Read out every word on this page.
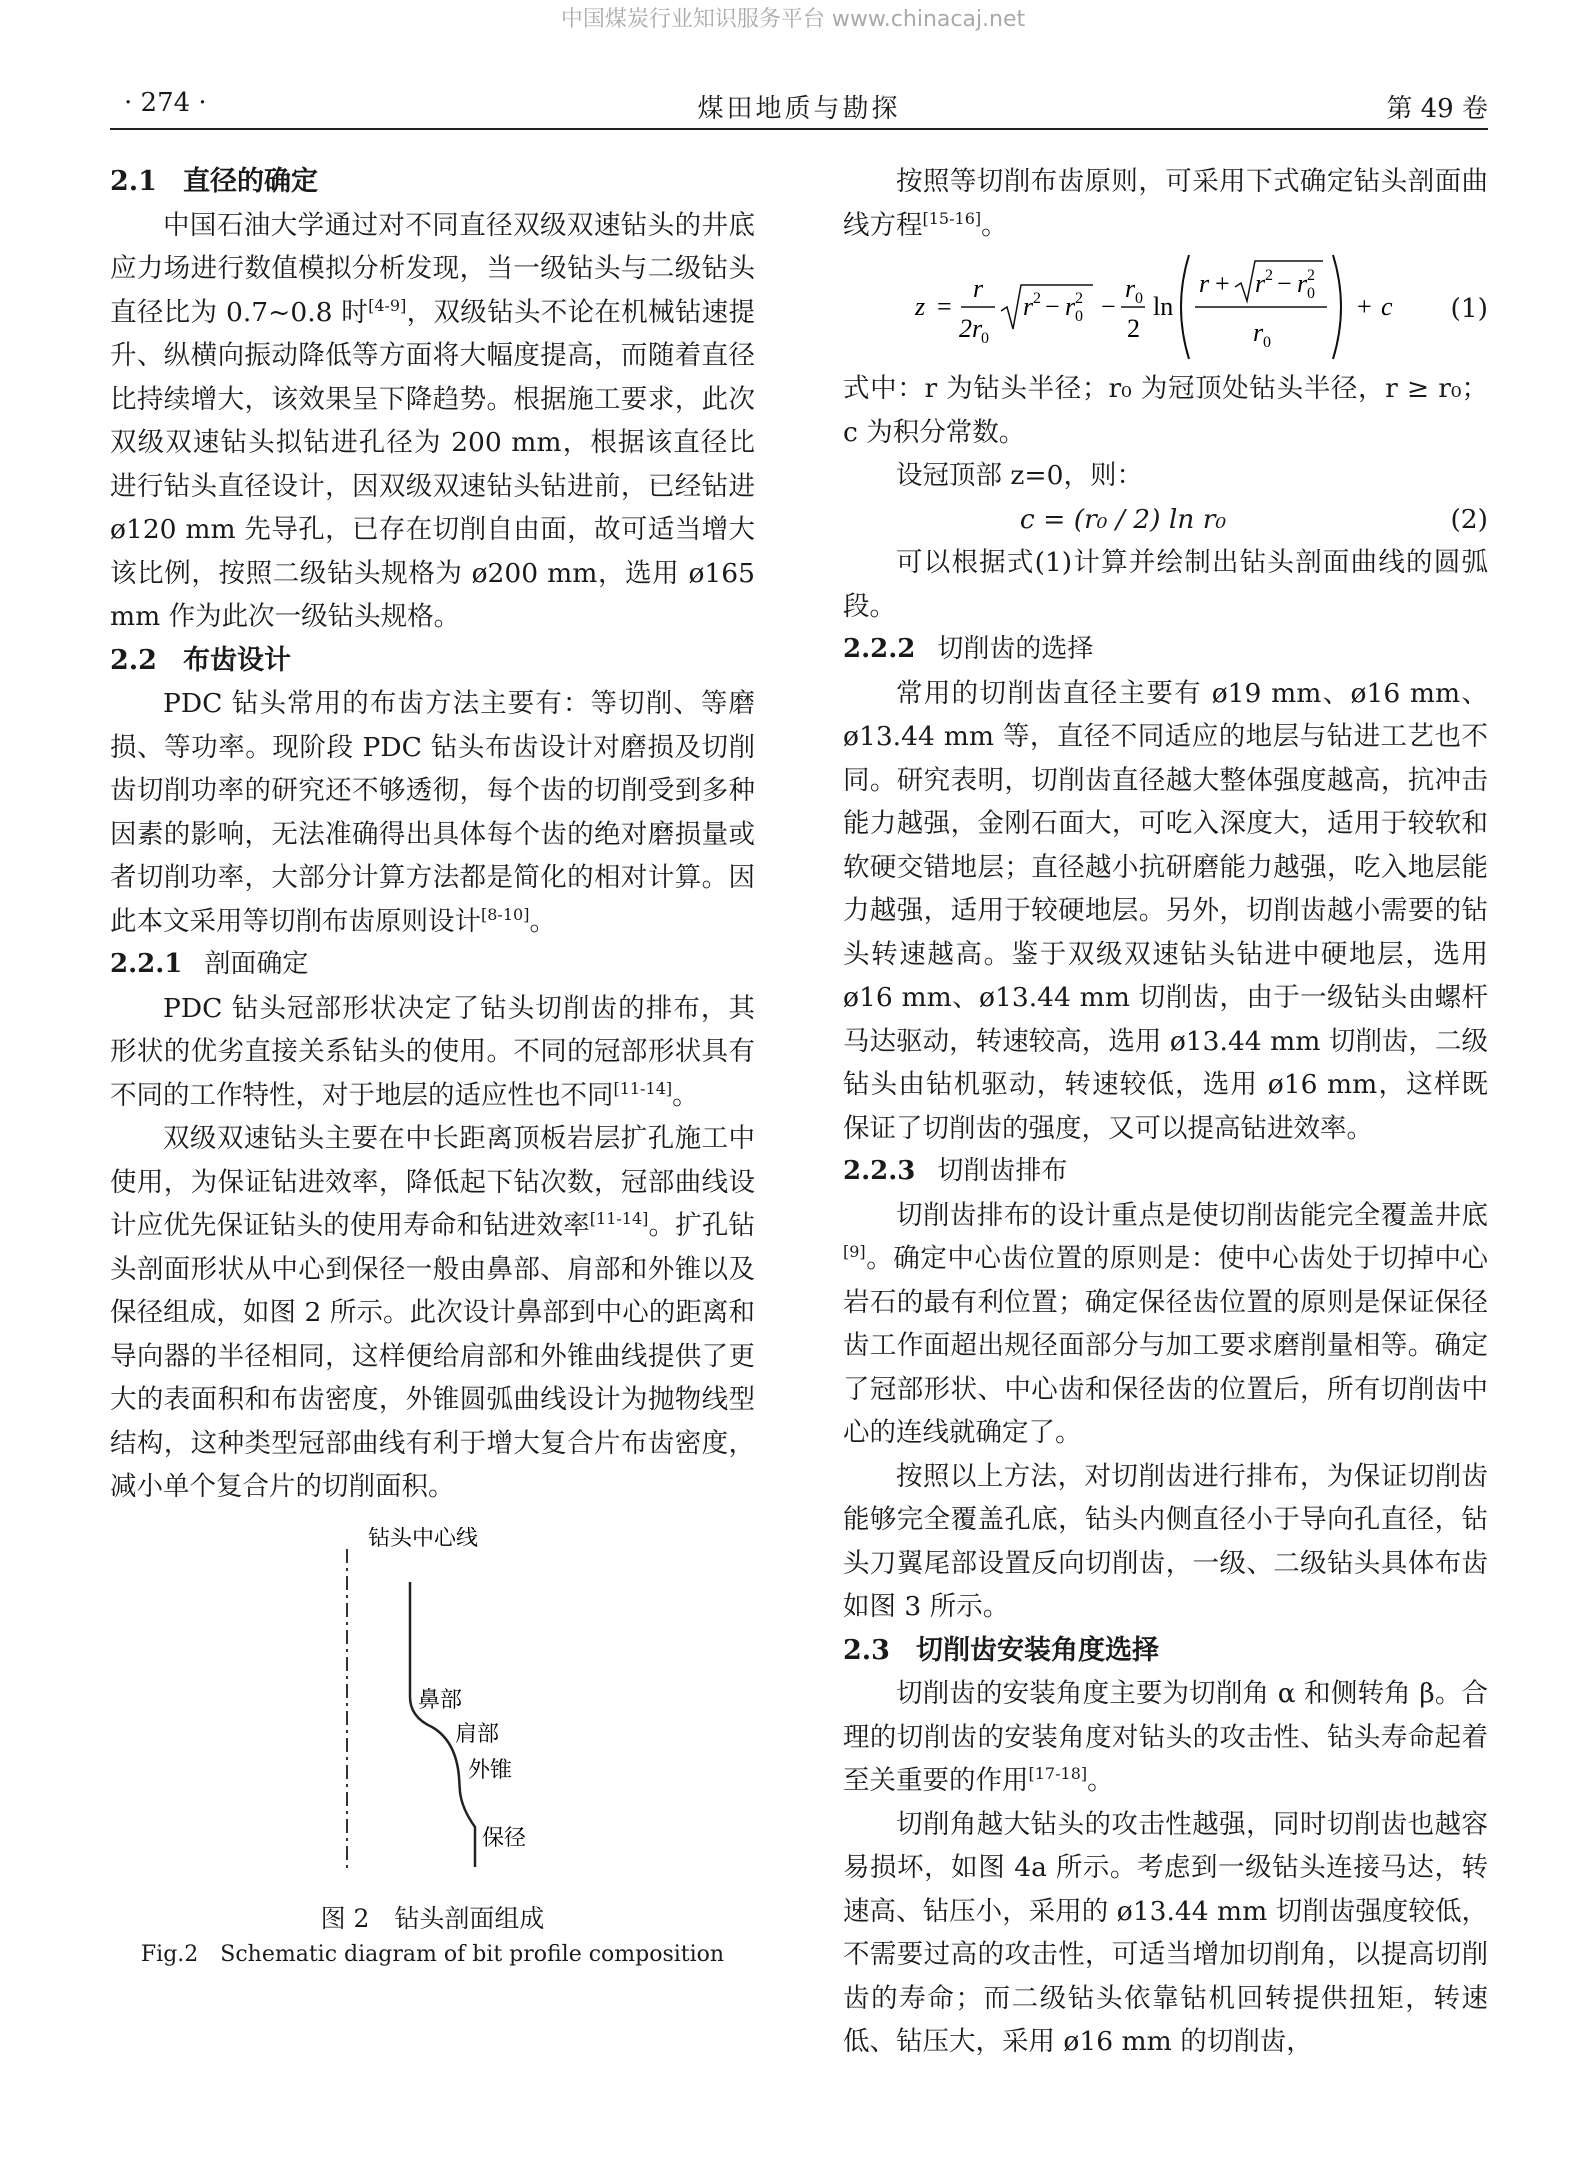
中国煤炭行业知识服务平台 www.chinacaj.net
煤田地质与勘探
· 274 ·	第 49 卷
2.1 直径的确定

中国石油大学通过对不同直径双级双速钻头的井底应力场进行数值模拟分析发现，当一级钻头与二级钻头直径比为 0.7~0.8 时[4-9]，双级钻头不论在机械钻速提升、纵横向振动降低等方面将大幅度提高，而随着直径比持续增大，该效果呈下降趋势。根据施工要求，此次双级双速钻头拟钻进孔径为 200 mm，根据该直径比进行钻头直径设计，因双级双速钻头钻进前，已经钻进 ø120 mm 先导孔，已存在切削自由面，故可适当增大该比例，按照二级钻头规格为 ø200 mm，选用 ø165 mm 作为此次一级钻头规格。

2.2 布齿设计

PDC 钻头常用的布齿方法主要有：等切削、等磨损、等功率。现阶段 PDC 钻头布齿设计对磨损及切削齿切削功率的研究还不够透彻，每个齿的切削受到多种因素的影响，无法准确得出具体每个齿的绝对磨损量或者切削功率，大部分计算方法都是简化的相对计算。因此本文采用等切削布齿原则设计[8-10]。

2.2.1 剖面确定

PDC 钻头冠部形状决定了钻头切削齿的排布，其形状的优劣直接关系钻头的使用。不同的冠部形状具有不同的工作特性，对于地层的适应性也不同[11-14]。

双级双速钻头主要在中长距离顶板岩层扩孔施工中使用，为保证钻进效率，降低起下钻次数，冠部曲线设计应优先保证钻头的使用寿命和钻进效率[11-14]。扩孔钻头剖面形状从中心到保径一般由鼻部、肩部和外锥以及保径组成，如图 2 所示。此次设计鼻部到中心的距离和导向器的半径相同，这样便给肩部和外锥曲线提供了更大的表面积和布齿密度，外锥圆弧曲线设计为抛物线型结构，这种类型冠部曲线有利于增大复合片布齿密度，减小单个复合片的切削面积。

钻头中心线
鼻部
肩部
外锥
保径
图 2　钻头剖面组成
Fig.2　Schematic diagram of bit profile composition

按照等切削布齿原则，可采用下式确定钻头剖面曲线方程[15-16]。

z =
r
2r
0
r 2 − r 0
2 −
r 0
2
ln
r + r 2 − r 0
2
r 0
+ c (1)

式中：r 为钻头半径；r₀ 为冠顶处钻头半径，r ≥ r₀；c 为积分常数。

设冠顶部 z=0，则：

c = (r₀ / 2) ln r₀	(2)

可以根据式(1)计算并绘制出钻头剖面曲线的圆弧段。

2.2.2 切削齿的选择

常用的切削齿直径主要有 ø19 mm、ø16 mm、ø13.44 mm 等，直径不同适应的地层与钻进工艺也不同。研究表明，切削齿直径越大整体强度越高，抗冲击能力越强，金刚石面大，可吃入深度大，适用于较软和软硬交错地层；直径越小抗研磨能力越强，吃入地层能力越强，适用于较硬地层。另外，切削齿越小需要的钻头转速越高。鉴于双级双速钻头钻进中硬地层，选用 ø16 mm、ø13.44 mm 切削齿，由于一级钻头由螺杆马达驱动，转速较高，选用 ø13.44 mm 切削齿，二级钻头由钻机驱动，转速较低，选用 ø16 mm，这样既保证了切削齿的强度，又可以提高钻进效率。

2.2.3 切削齿排布

切削齿排布的设计重点是使切削齿能完全覆盖井底[9]。确定中心齿位置的原则是：使中心齿处于切掉中心岩石的最有利位置；确定保径齿位置的原则是保证保径齿工作面超出规径面部分与加工要求磨削量相等。确定了冠部形状、中心齿和保径齿的位置后，所有切削齿中心的连线就确定了。

按照以上方法，对切削齿进行排布，为保证切削齿能够完全覆盖孔底，钻头内侧直径小于导向孔直径，钻头刀翼尾部设置反向切削齿，一级、二级钻头具体布齿如图 3 所示。

2.3 切削齿安装角度选择

切削齿的安装角度主要为切削角 α 和侧转角 β。合理的切削齿的安装角度对钻头的攻击性、钻头寿命起着至关重要的作用[17-18]。

切削角越大钻头的攻击性越强，同时切削齿也越容易损坏，如图 4a 所示。考虑到一级钻头连接马达，转速高、钻压小，采用的 ø13.44 mm 切削齿强度较低，不需要过高的攻击性，可适当增加切削角，以提高切削齿的寿命；而二级钻头依靠钻机回转提供扭矩，转速低、钻压大，采用 ø16 mm 的切削齿，
